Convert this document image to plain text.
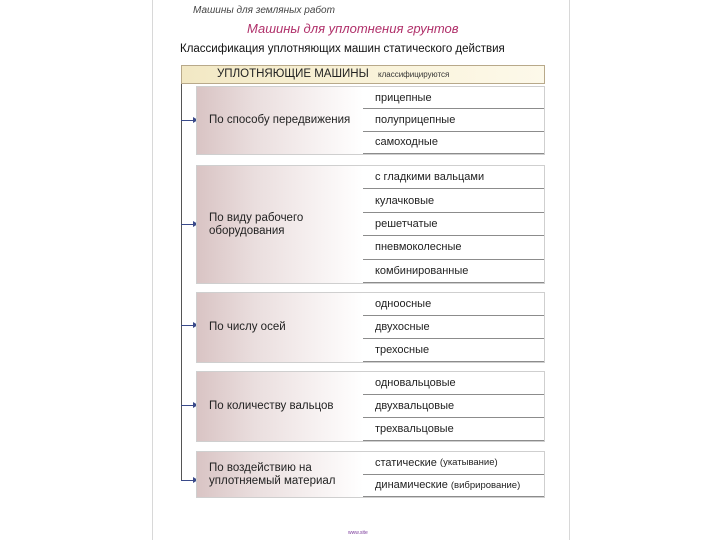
Машины для земляных работ
Машины для уплотнения грунтов
Классификация уплотняющих машин статического действия
УПЛОТНЯЮЩИЕ МАШИНЫ классифицируются
По способу передвижения
прицепные
полуприцепные
самоходные
По виду рабочего оборудования
с гладкими вальцами
кулачковые
решетчатые
пневмоколесные
комбинированные
По числу осей
одноосные
двухосные
трехосные
По количеству вальцов
одновальцовые
двухвальцовые
трехвальцовые
По воздействию на уплотняемый материал
статические (укатывание)
динамические (вибрирование)
www.site
